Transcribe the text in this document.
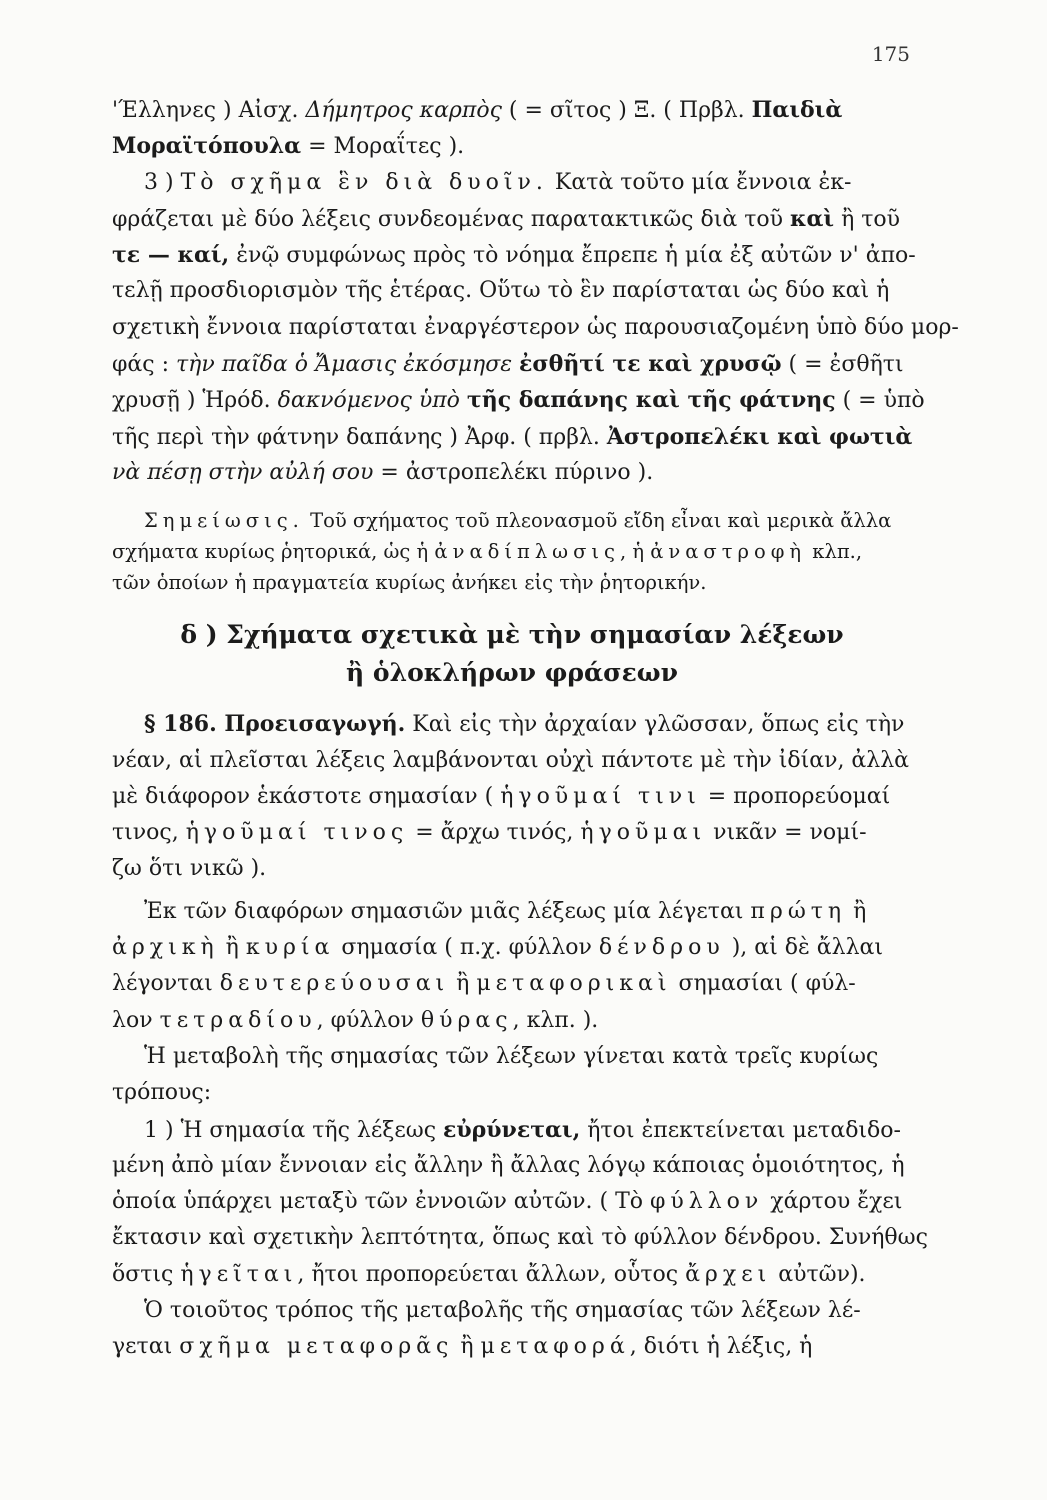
175
'Έλληνες ) Αἰσχ. Δήμητρος καρπὸς ( = σῖτος ) Ξ. ( Πρβλ. Παιδιὰ
Μοραϊτόπουλα = Μοραΐτες ).
3 ) Τὸ σχῆμα ἓν διὰ δυοῖν. Κατὰ τοῦτο μία ἔννοια ἐκ-
φράζεται μὲ δύο λέξεις συνδεομένας παρατακτικῶς διὰ τοῦ καὶ ἢ τοῦ
τε — καί, ἐνῷ συμφώνως πρὸς τὸ νόημα ἔπρεπε ἡ μία ἐξ αὐτῶν ν' ἀπο-
τελῇ προσδιορισμὸν τῆς ἑτέρας. Οὕτω τὸ ἓν παρίσταται ὡς δύο καὶ ἡ
σχετικὴ ἔννοια παρίσταται ἐναργέστερον ὡς παρουσιαζομένη ὑπὸ δύο μορ-
φάς : τὴν παῖδα ὁ Ἄμασις ἐκόσμησε ἐσθῆτί τε καὶ χρυσῷ ( = ἐσθῆτι
χρυσῇ ) Ἡρόδ. δακνόμενος ὑπὸ τῆς δαπάνης καὶ τῆς φάτνης ( = ὑπὸ
τῆς περὶ τὴν φάτνην δαπάνης ) Ἀρφ. ( πρβλ. Ἀστροπελέκι καὶ φωτιὰ
νὰ πέσῃ στὴν αὐλή σου = ἀστροπελέκι πύρινο ).
Σημείωσις. Τοῦ σχήματος τοῦ πλεονασμοῦ εἴδη εἶναι καὶ μερικὰ ἄλλα
σχήματα κυρίως ῥητορικά, ὡς ἡ ἀναδίπλωσις, ἡ ἀναστροφὴ κλπ.,
τῶν ὁποίων ἡ πραγματεία κυρίως ἀνήκει εἰς τὴν ῥητορικήν.
δ ) Σχήματα σχετικὰ μὲ τὴν σημασίαν λέξεων
ἢ ὁλοκλήρων φράσεων
§ 186. Προεισαγωγή. Καὶ εἰς τὴν ἀρχαίαν γλῶσσαν, ὅπως εἰς τὴν
νέαν, αἱ πλεῖσται λέξεις λαμβάνονται οὐχὶ πάντοτε μὲ τὴν ἰδίαν, ἀλλὰ
μὲ διάφορον ἑκάστοτε σημασίαν ( ἡγοῦμαί τινι = προπορεύομαί
τινος, ἡγοῦμαί τινος = ἄρχω τινός, ἡγοῦμαι νικᾶν = νομί-
ζω ὅτι νικῶ ).
Ἐκ τῶν διαφόρων σημασιῶν μιᾶς λέξεως μία λέγεται πρώτη ἢ
ἀρχικὴ ἢ κυρία σημασία ( π.χ. φύλλον δένδρου ), αἱ δὲ ἄλλαι
λέγονται δευτερεύουσαι ἢ μεταφορικαὶ σημασίαι ( φύλ-
λον τετραδίου, φύλλον θύρας, κλπ. ).
Ἡ μεταβολὴ τῆς σημασίας τῶν λέξεων γίνεται κατὰ τρεῖς κυρίως
τρόπους:
1 ) Ἡ σημασία τῆς λέξεως εὐρύνεται, ἤτοι ἐπεκτείνεται μεταδιδο-
μένη ἀπὸ μίαν ἔννοιαν εἰς ἄλλην ἢ ἄλλας λόγῳ κάποιας ὁμοιότητος, ἡ
ὁποία ὑπάρχει μεταξὺ τῶν ἐννοιῶν αὐτῶν. ( Τὸ φύλλον χάρτου ἔχει
ἔκτασιν καὶ σχετικὴν λεπτότητα, ὅπως καὶ τὸ φύλλον δένδρου. Συνήθως
ὅστις ἡγεῖται, ἤτοι προπορεύεται ἄλλων, οὗτος ἄρχει αὐτῶν).
Ὁ τοιοῦτος τρόπος τῆς μεταβολῆς τῆς σημασίας τῶν λέξεων λέ-
γεται σχῆμα μεταφορᾶς ἢ μεταφορά, διότι ἡ λέξις, ἡ
